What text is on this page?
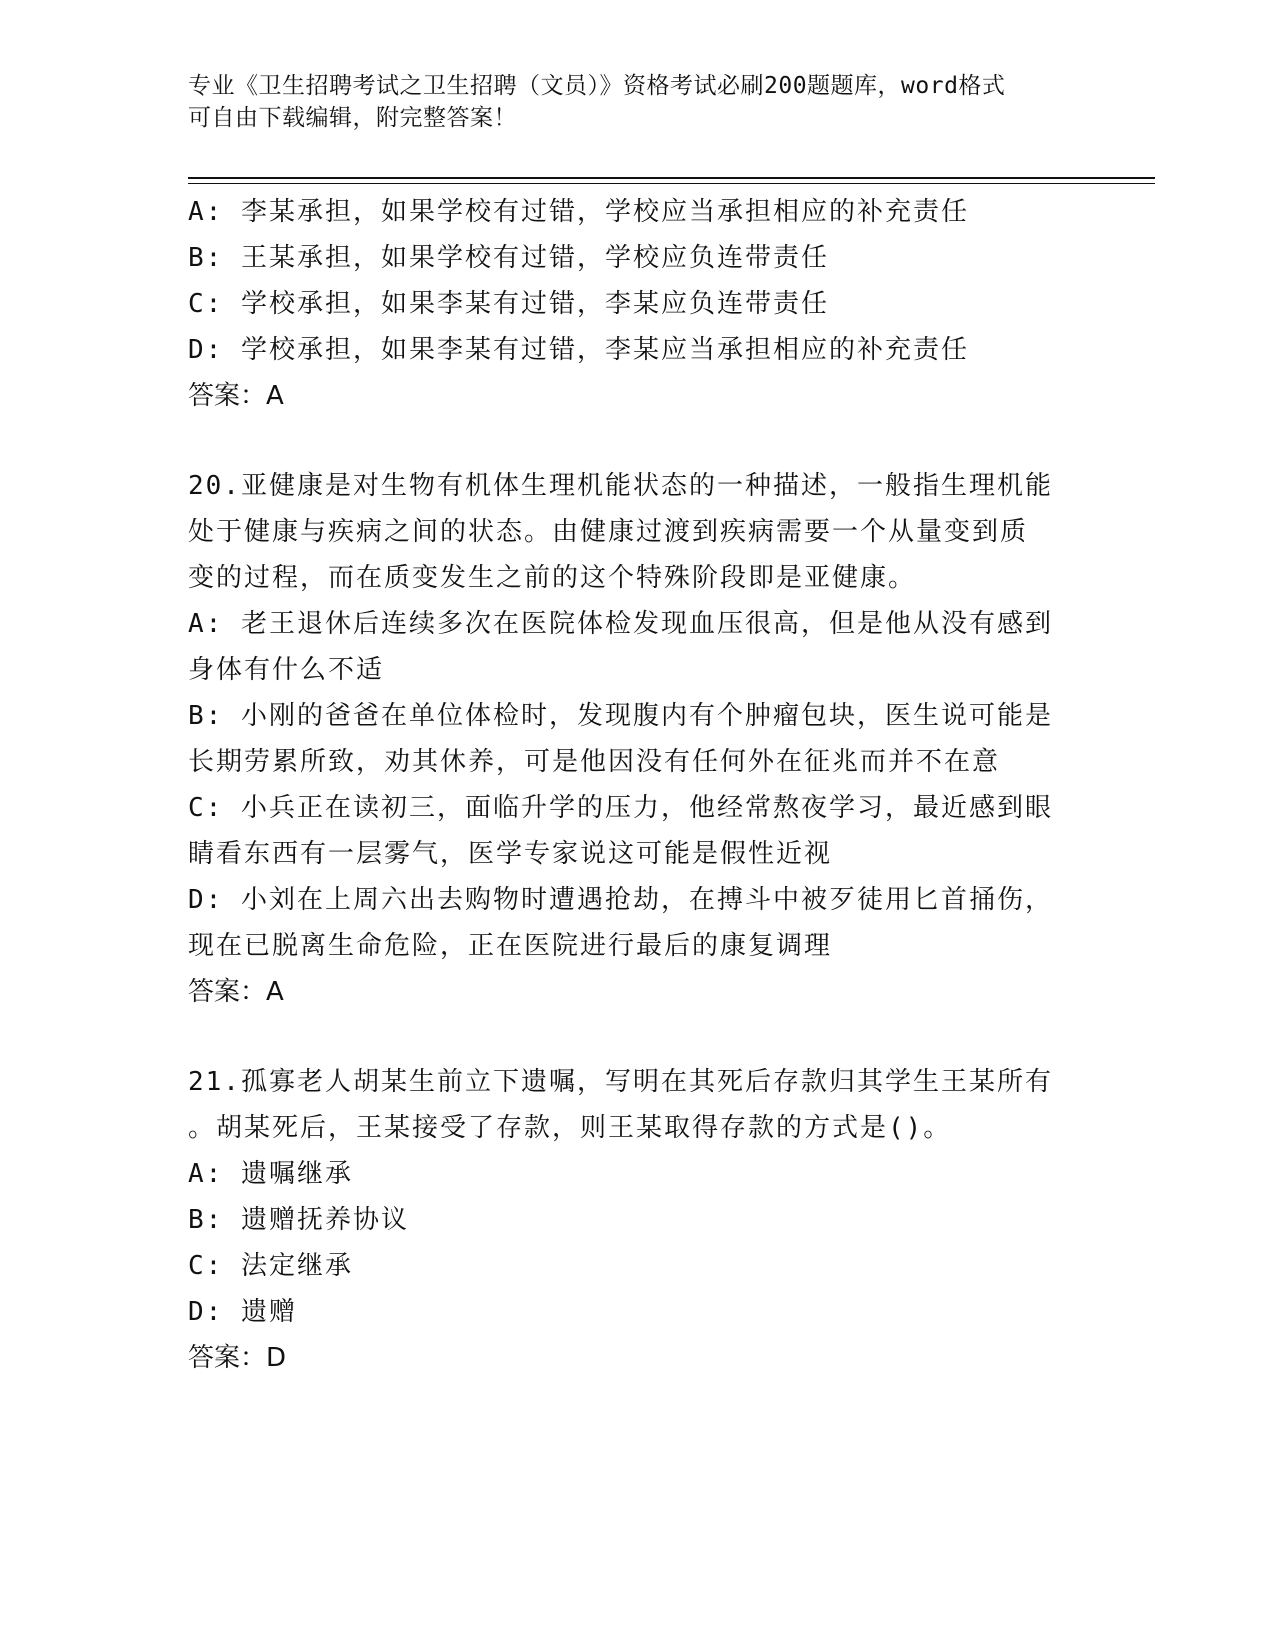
专业《卫生招聘考试之卫生招聘（文员）》资格考试必刷200题题库，word格式
可自由下载编辑，附完整答案！
A: 李某承担，如果学校有过错，学校应当承担相应的补充责任
B: 王某承担，如果学校有过错，学校应负连带责任
C: 学校承担，如果李某有过错，李某应负连带责任
D: 学校承担，如果李某有过错，李某应当承担相应的补充责任
答案：A
20.亚健康是对生物有机体生理机能状态的一种描述，一般指生理机能
处于健康与疾病之间的状态。由健康过渡到疾病需要一个从量变到质
变的过程，而在质变发生之前的这个特殊阶段即是亚健康。
A: 老王退休后连续多次在医院体检发现血压很高，但是他从没有感到
身体有什么不适
B: 小刚的爸爸在单位体检时，发现腹内有个肿瘤包块，医生说可能是
长期劳累所致，劝其休养，可是他因没有任何外在征兆而并不在意
C: 小兵正在读初三，面临升学的压力，他经常熬夜学习，最近感到眼
睛看东西有一层雾气，医学专家说这可能是假性近视
D: 小刘在上周六出去购物时遭遇抢劫，在搏斗中被歹徒用匕首捅伤，
现在已脱离生命危险，正在医院进行最后的康复调理
答案：A
21.孤寡老人胡某生前立下遗嘱，写明在其死后存款归其学生王某所有
。胡某死后，王某接受了存款，则王某取得存款的方式是()。
A: 遗嘱继承
B: 遗赠抚养协议
C: 法定继承
D: 遗赠
答案：D
